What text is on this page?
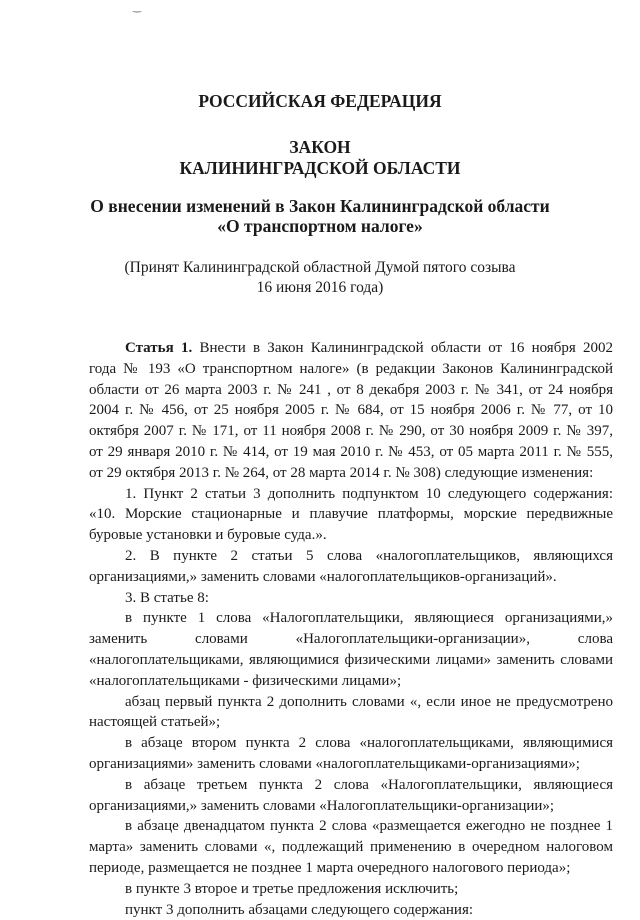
‿

РОССИЙСКАЯ ФЕДЕРАЦИЯ

ЗАКОН

КАЛИНИНГРАДСКОЙ ОБЛАСТИ

О внесении изменений в Закон Калининградской области

«О транспортном налоге»

(Принят Калининградской областной Думой пятого созыва

16 июня 2016 года)

Статья 1. Внести в Закон Калининградской области от 16 ноября 2002
года № 193 «О транспортном налоге» (в редакции Законов Калининградской
области от 26 марта 2003 г. № 241 , от 8 декабря 2003 г. № 341, от 24 ноября
2004 г. № 456, от 25 ноября 2005 г. № 684, от 15 ноября 2006 г. № 77, от 10
октября 2007 г. № 171, от 11 ноября 2008 г. № 290, от 30 ноября 2009 г. № 397,
от 29 января 2010 г. № 414, от 19 мая 2010 г. № 453, от 05 марта 2011 г. № 555,
от 29 октября 2013 г. № 264, от 28 марта 2014 г. № 308) следующие изменения:
1. Пункт 2 статьи 3 дополнить подпунктом 10 следующего содержания:
«10. Морские стационарные и плавучие платформы, морские передвижные
буровые установки и буровые суда.».
2. В пункте 2 статьи 5 слова «налогоплательщиков, являющихся
организациями,» заменить словами «налогоплательщиков-организаций».
3. В статье 8:
в пункте 1 слова «Налогоплательщики, являющиеся организациями,»
заменить словами «Налогоплательщики-организации», слова
«налогоплательщиками, являющимися физическими лицами» заменить словами
«налогоплательщиками - физическими лицами»;
абзац первый пункта 2 дополнить словами «, если иное не предусмотрено
настоящей статьей»;
в абзаце втором пункта 2 слова «налогоплательщиками, являющимися
организациями» заменить словами «налогоплательщиками-организациями»;
в абзаце третьем пункта 2 слова «Налогоплательщики, являющиеся
организациями,» заменить словами «Налогоплательщики-организации»;
в абзаце двенадцатом пункта 2 слова «размещается ежегодно не позднее 1
марта» заменить словами «, подлежащий применению в очередном налоговом
периоде, размещается не позднее 1 марта очередного налогового периода»;
в пункте 3 второе и третье предложения исключить;
пункт 3 дополнить абзацами следующего содержания:
